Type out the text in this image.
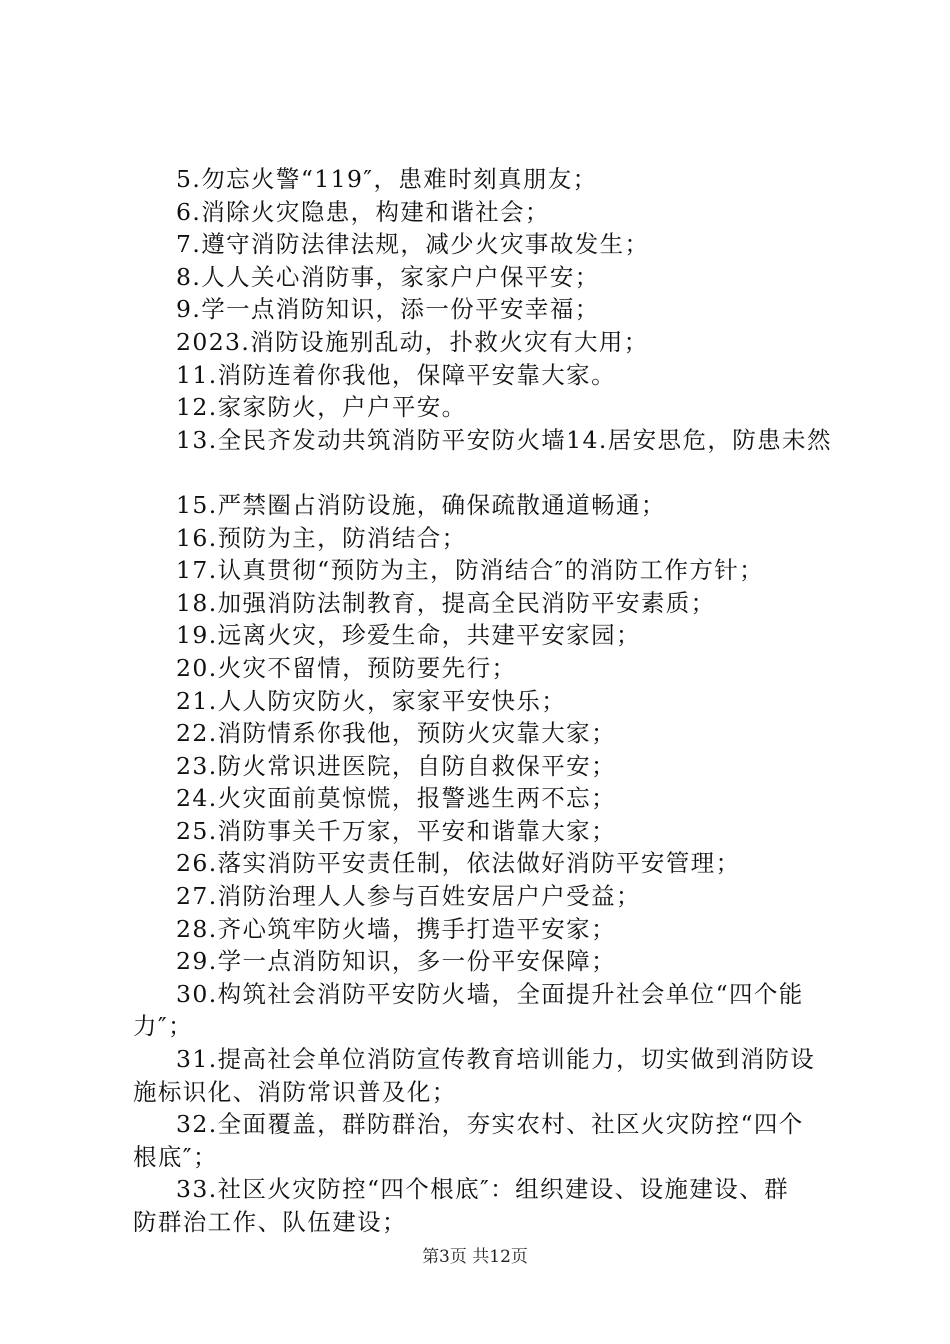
5.勿忘火警“119″，患难时刻真朋友；
6.消除火灾隐患，构建和谐社会；
7.遵守消防法律法规，减少火灾事故发生；
8.人人关心消防事，家家户户保平安；
9.学一点消防知识，添一份平安幸福；
2023.消防设施别乱动，扑救火灾有大用；
11.消防连着你我他，保障平安靠大家。
12.家家防火，户户平安。
13.全民齐发动共筑消防平安防火墙14.居安思危，防患未然
15.严禁圈占消防设施，确保疏散通道畅通；
16.预防为主，防消结合；
17.认真贯彻“预防为主，防消结合″的消防工作方针；
18.加强消防法制教育，提高全民消防平安素质；
19.远离火灾，珍爱生命，共建平安家园；
20.火灾不留情，预防要先行；
21.人人防灾防火，家家平安快乐；
22.消防情系你我他，预防火灾靠大家；
23.防火常识进医院，自防自救保平安；
24.火灾面前莫惊慌，报警逃生两不忘；
25.消防事关千万家，平安和谐靠大家；
26.落实消防平安责任制，依法做好消防平安管理；
27.消防治理人人参与百姓安居户户受益；
28.齐心筑牢防火墙，携手打造平安家；
29.学一点消防知识，多一份平安保障；
30.构筑社会消防平安防火墙，全面提升社会单位“四个能
力″；
31.提高社会单位消防宣传教育培训能力，切实做到消防设
施标识化、消防常识普及化；
32.全面覆盖，群防群治，夯实农村、社区火灾防控“四个
根底″；
33.社区火灾防控“四个根底″：组织建设、设施建设、群
防群治工作、队伍建设；
第3页 共12页
